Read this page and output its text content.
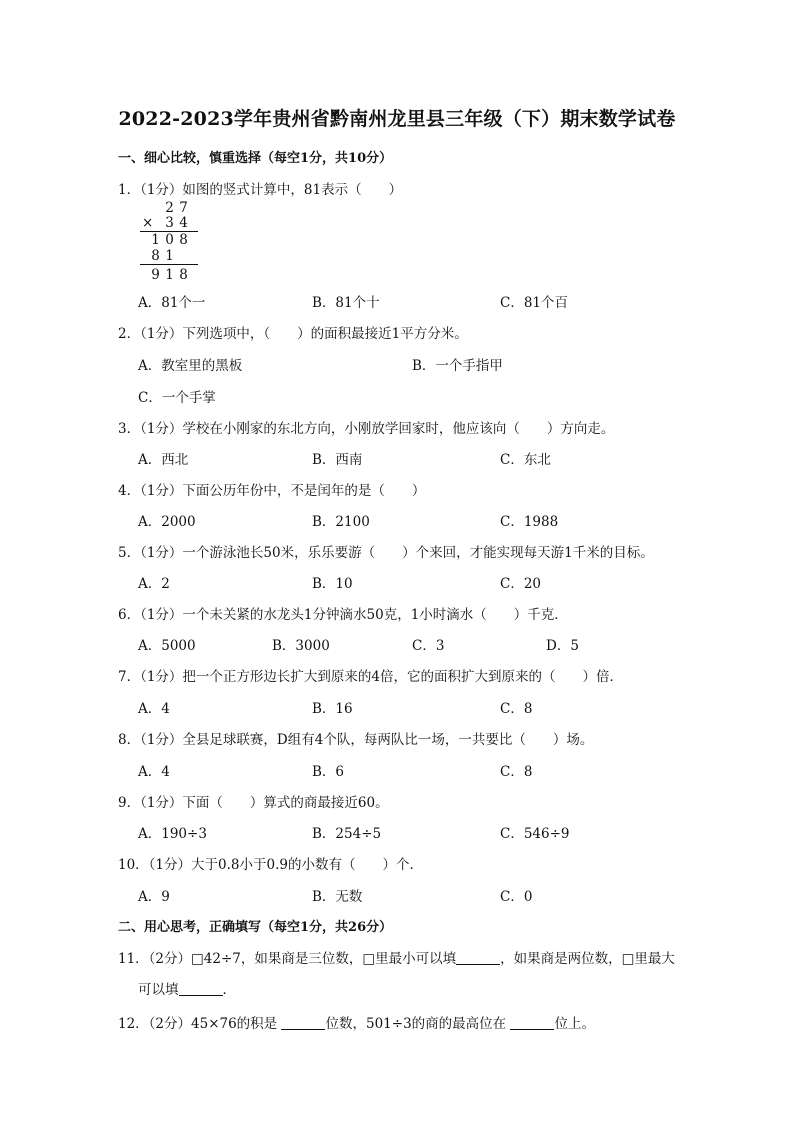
2022-2023学年贵州省黔南州龙里县三年级（下）期末数学试卷
一、细心比较，慎重选择（每空1分，共10分）
1．（1分）如图的竖式计算中，81表示（　　）
2 7
× 3 4
1 0 8
8 1
9 1 8
A．81个一	B．81个十	C．81个百
2．（1分）下列选项中，（　　）的面积最接近1平方分米。
A．教室里的黑板	B．一个手指甲
C．一个手掌
3．（1分）学校在小刚家的东北方向，小刚放学回家时，他应该向（　　）方向走。
A．西北	B．西南	C．东北
4．（1分）下面公历年份中，不是闰年的是（　　）
A．2000	B．2100	C．1988
5．（1分）一个游泳池长50米，乐乐要游（　　）个来回，才能实现每天游1千米的目标。
A．2	B．10	C．20
6．（1分）一个未关紧的水龙头1分钟滴水50克，1小时滴水（　　）千克．
A．5000	B．3000	C．3	D．5
7．（1分）把一个正方形边长扩大到原来的4倍，它的面积扩大到原来的（　　）倍．
A．4	B．16	C．8
8．（1分）全县足球联赛，D组有4个队，每两队比一场，一共要比（　　）场。
A．4	B．6	C．8
9．（1分）下面（　　）算式的商最接近60。
A．190÷3	B．254÷5	C．546÷9
10．（1分）大于0.8小于0.9的小数有（　　）个．
A．9	B．无数	C．0
二、用心思考，正确填写（每空1分，共26分）
11．（2分）□42÷7，如果商是三位数，□里最小可以填	，如果商是两位数，□里最大
可以填	．
12．（2分）45×76的积是	位数，501÷3的商的最高位在	位上。
